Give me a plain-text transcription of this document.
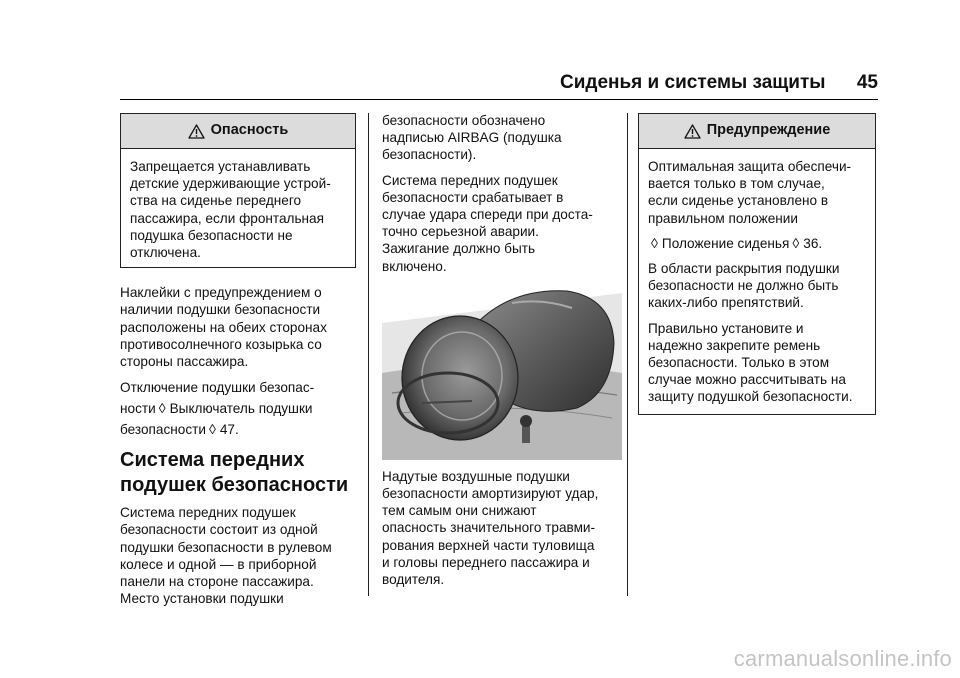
Сиденья и системы защиты	45
Опасность
Запрещается устанавливать
детские удерживающие устрой-
ства на сиденье переднего
пассажира, если фронтальная
подушка безопасности не
отключена.

Наклейки с предупреждением о
наличии подушки безопасности
расположены на обеих сторонах
противосолнечного козырька со
стороны пассажира.

Отключение подушки безопас-
ности ◊ Выключатель подушки
безопасности ◊ 47.

Система передних
подушек безопасности

Система передних подушек
безопасности состоит из одной
подушки безопасности в рулевом
колесе и одной — в приборной
панели на стороне пассажира.
Место установки подушки

безопасности обозначено
надписью AIRBAG (подушка
безопасности).

Система передних подушек
безопасности срабатывает в
случае удара спереди при доста-
точно серьезной аварии.
Зажигание должно быть
включено.

Надутые воздушные подушки
безопасности амортизируют удар,
тем самым они снижают
опасность значительного травми-
рования верхней части туловища
и головы переднего пассажира и
водителя.

Предупреждение

Оптимальная защита обеспечи-
вается только в том случае,
если сиденье установлено в
правильном положении

◊ Положение сиденья ◊ 36.

В области раскрытия подушки
безопасности не должно быть
каких-либо препятствий.

Правильно установите и
надежно закрепите ремень
безопасности. Только в этом
случае можно рассчитывать на
защиту подушкой безопасности.

carmanualsonline.info
